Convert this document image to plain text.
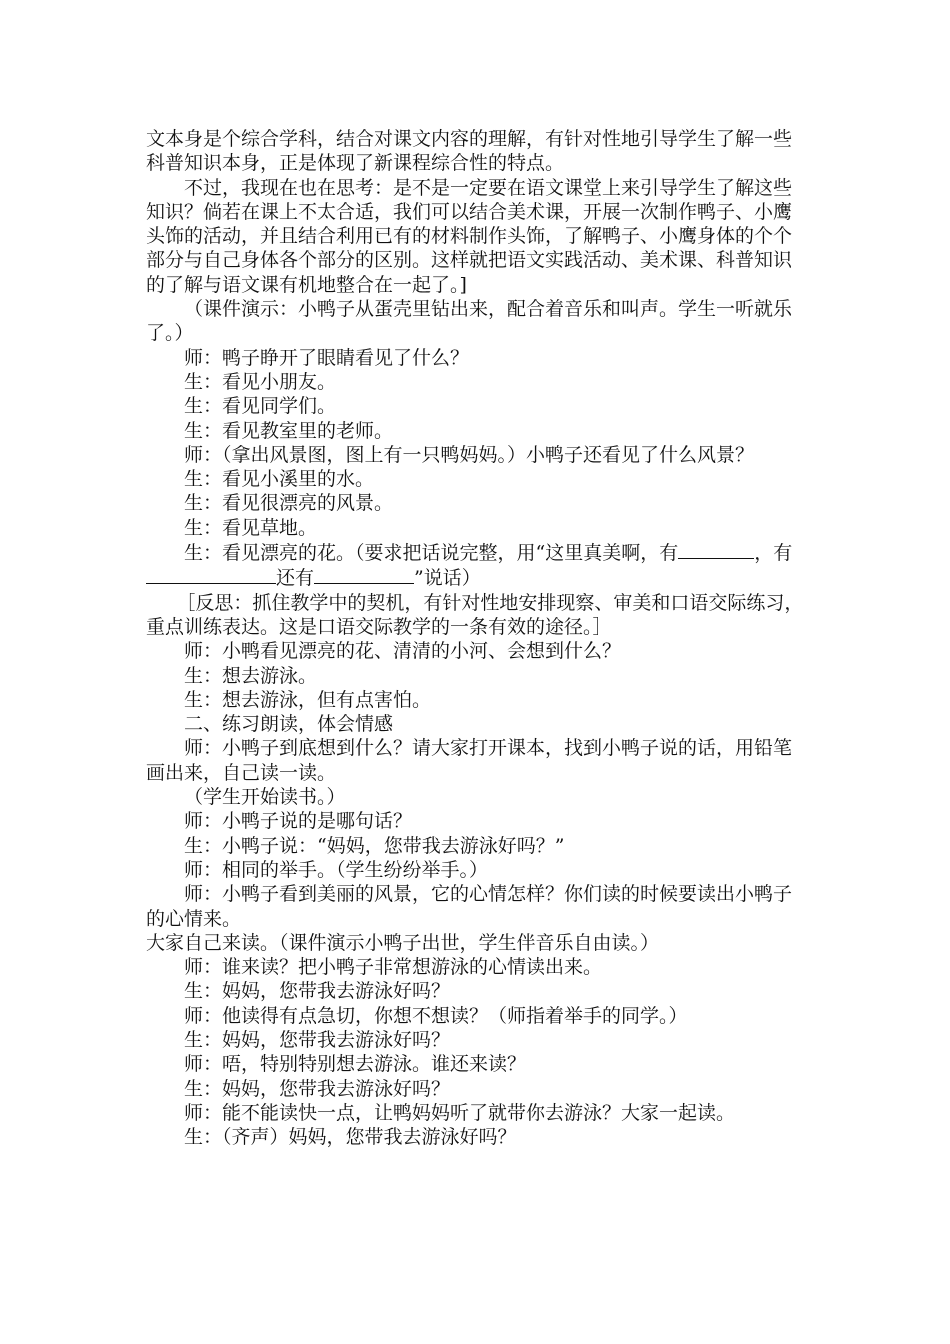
文本身是个综合学科，结合对课文内容的理解，有针对性地引导学生了解一些科普知识本身，正是体现了新课程综合性的特点。

不过，我现在也在思考：是不是一定要在语文课堂上来引导学生了解这些知识？倘若在课上不太合适，我们可以结合美术课，开展一次制作鸭子、小鹰头饰的活动，并且结合利用已有的材料制作头饰，了解鸭子、小鹰身体的个个部分与自己身体各个部分的区别。这样就把语文实践活动、美术课、科普知识的了解与语文课有机地整合在一起了。]

（课件演示：小鸭子从蛋壳里钻出来，配合着音乐和叫声。学生一听就乐了。）

师：鸭子睁开了眼睛看见了什么？

生：看见小朋友。

生：看见同学们。

生：看见教室里的老师。

师：（拿出风景图，图上有一只鸭妈妈。）小鸭子还看见了什么风景？

生：看见小溪里的水。

生：看见很漂亮的风景。

生：看见草地。

生：看见漂亮的花。（要求把话说完整，用“这里真美啊，有	，有还有	”说话）

［反思：抓住教学中的契机，有针对性地安排现察、审美和口语交际练习，重点训练表达。这是口语交际教学的一条有效的途径。］

师：小鸭看见漂亮的花、清清的小河、会想到什么？

生：想去游泳。

生：想去游泳，但有点害怕。

二、练习朗读，体会情感

师：小鸭子到底想到什么？请大家打开课本，找到小鸭子说的话，用铅笔画出来，自己读一读。

（学生开始读书。）

师：小鸭子说的是哪句话？

生：小鸭子说：“妈妈，您带我去游泳好吗？”

师：相同的举手。（学生纷纷举手。）

师：小鸭子看到美丽的风景，它的心情怎样？你们读的时候要读出小鸭子的心情来。

大家自己来读。（课件演示小鸭子出世，学生伴音乐自由读。）

师：谁来读？把小鸭子非常想游泳的心情读出来。

生：妈妈，您带我去游泳好吗？

师：他读得有点急切，你想不想读？（师指着举手的同学。）

生：妈妈，您带我去游泳好吗？

师：唔，特别特别想去游泳。谁还来读？

生：妈妈，您带我去游泳好吗？

师：能不能读快一点，让鸭妈妈听了就带你去游泳？大家一起读。

生：（齐声）妈妈，您带我去游泳好吗？
